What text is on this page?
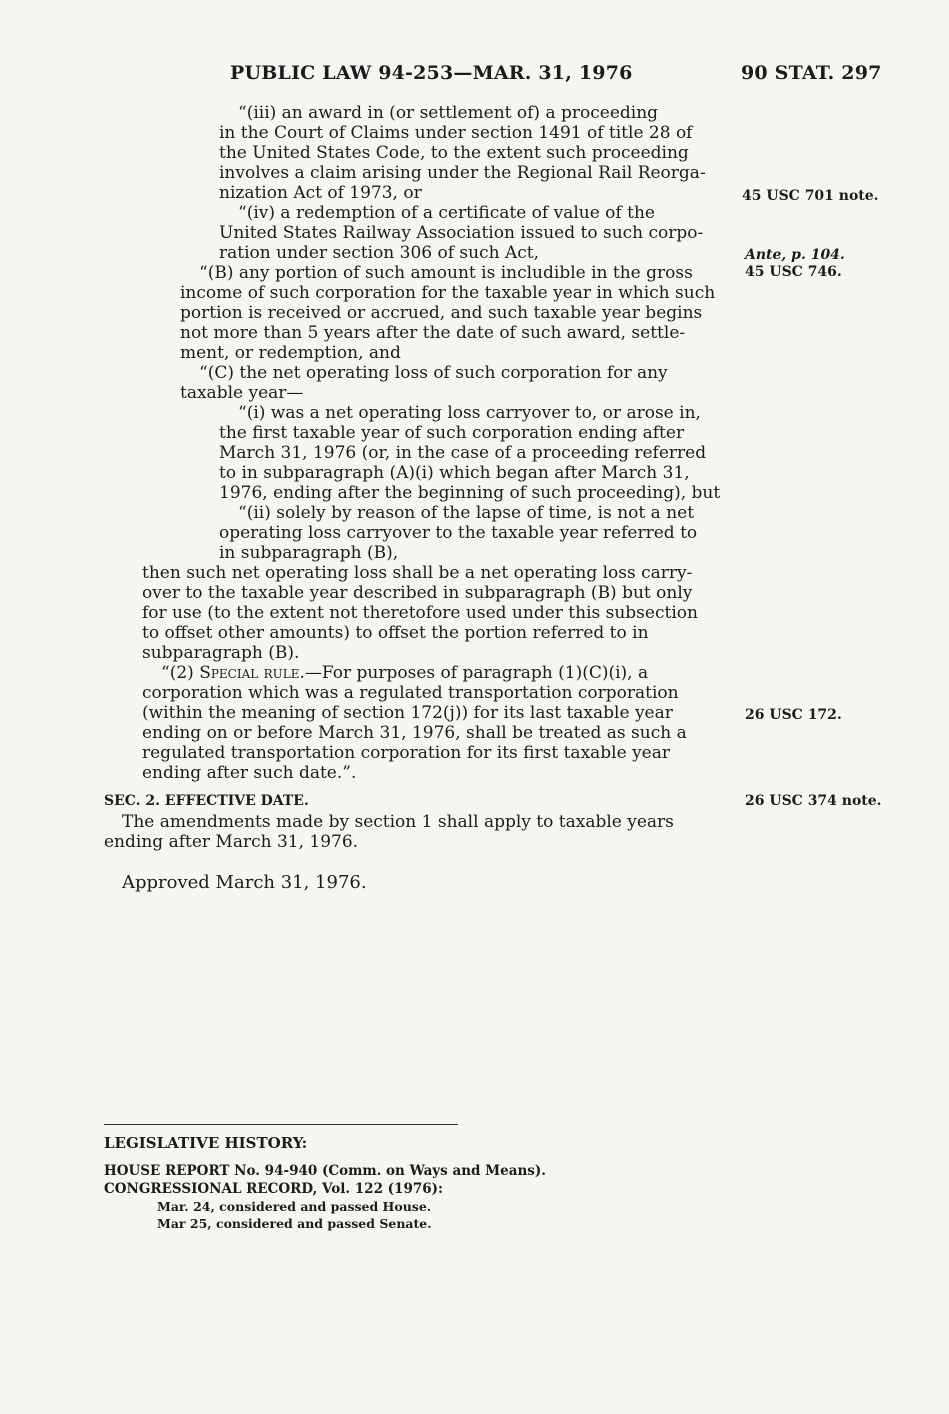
PUBLIC LAW 94-253—MAR. 31, 1976	90 STAT. 297
“(iii) an award in (or settlement of) a proceeding
in the Court of Claims under section 1491 of title 28 of
the United States Code, to the extent such proceeding
involves a claim arising under the Regional Rail Reorga-
nization Act of 1973, or
“(iv) a redemption of a certificate of value of the
United States Railway Association issued to such corpo-
ration under section 306 of such Act,
“(B) any portion of such amount is includible in the gross
income of such corporation for the taxable year in which such
portion is received or accrued, and such taxable year begins
not more than 5 years after the date of such award, settle-
ment, or redemption, and
“(C) the net operating loss of such corporation for any
taxable year—
“(i) was a net operating loss carryover to, or arose in,
the first taxable year of such corporation ending after
March 31, 1976 (or, in the case of a proceeding referred
to in subparagraph (A)(i) which began after March 31,
1976, ending after the beginning of such proceeding), but
“(ii) solely by reason of the lapse of time, is not a net
operating loss carryover to the taxable year referred to
in subparagraph (B),
then such net operating loss shall be a net operating loss carry-
over to the taxable year described in subparagraph (B) but only
for use (to the extent not theretofore used under this subsection
to offset other amounts) to offset the portion referred to in
subparagraph (B).
“(2) Special rule.—For purposes of paragraph (1)(C)(i), a
corporation which was a regulated transportation corporation
(within the meaning of section 172(j)) for its last taxable year
ending on or before March 31, 1976, shall be treated as such a
regulated transportation corporation for its first taxable year
ending after such date.”.
The amendments made by section 1 shall apply to taxable years
ending after March 31, 1976.
SEC. 2. EFFECTIVE DATE.
Approved March 31, 1976.
45 USC 701 note.
Ante, p. 104.
45 USC 746.
26 USC 172.
26 USC 374 note.
LEGISLATIVE HISTORY:
HOUSE REPORT No. 94-940 (Comm. on Ways and Means).
CONGRESSIONAL RECORD, Vol. 122 (1976):
Mar. 24, considered and passed House.
Mar 25, considered and passed Senate.
